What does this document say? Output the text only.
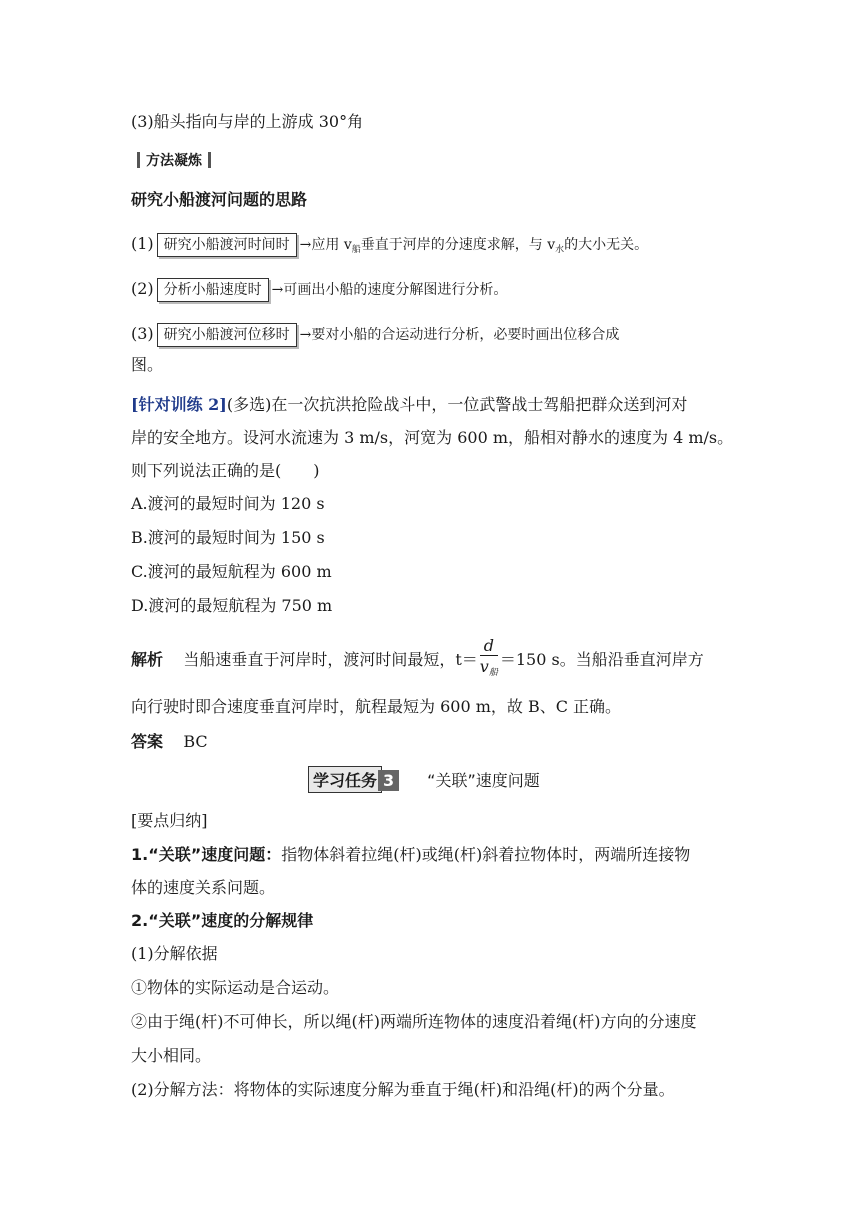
(3)船头指向与岸的上游成 30°角
方法凝炼
研究小船渡河问题的思路
(1) 研究小船渡河时间时 →应用 $v_船$垂直于河岸的分速度求解，与 $v_水$的大小无关。
(2) 分析小船速度时 →可画出小船的速度分解图进行分析。
(3) 研究小船渡河位移时 →要对小船的合运动进行分析，必要时画出位移合成
图。
[针对训练 2](多选)在一次抗洪抢险战斗中，一位武警战士驾船把群众送到河对
岸的安全地方。设河水流速为 3 m/s，河宽为 600 m，船相对静水的速度为 4 m/s。
则下列说法正确的是(　　)
A.渡河的最短时间为 120 s
B.渡河的最短时间为 150 s
C.渡河的最短航程为 600 m
D.渡河的最短航程为 750 m
解析 当船速垂直于河岸时，渡河时间最短，$t= \frac{d}{v_船} =150$ s。当船沿垂直河岸方
向行驶时即合速度垂直河岸时，航程最短为 600 m，故 B、C 正确。
答案 BC
学习任务 3 “关联”速度问题
[要点归纳]
1.“关联”速度问题：指物体斜着拉绳(杆)或绳(杆)斜着拉物体时，两端所连接物
体的速度关系问题。
2.“关联”速度的分解规律
(1)分解依据
①物体的实际运动是合运动。
②由于绳(杆)不可伸长，所以绳(杆)两端所连物体的速度沿着绳(杆)方向的分速度
大小相同。
(2)分解方法：将物体的实际速度分解为垂直于绳(杆)和沿绳(杆)的两个分量。
